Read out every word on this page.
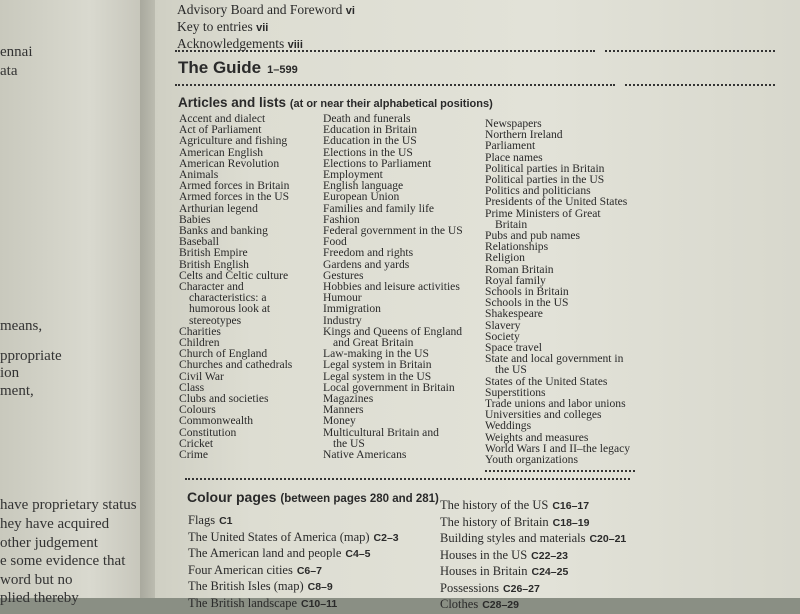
ennai
ata
means,
ppropriate
ion
ment,
have proprietary status
hey have acquired
other judgement
e some evidence that
word but no
plied thereby
Advisory Board and Foreword vi
Key to entries vii
Acknowledgements viii
The Guide 1–599
Articles and lists (at or near their alphabetical positions)
Accent and dialect
Act of Parliament
Agriculture and fishing
American English
American Revolution
Animals
Armed forces in Britain
Armed forces in the US
Arthurian legend
Babies
Banks and banking
Baseball
British Empire
British English
Celts and Celtic culture
Character and
characteristics: a
humorous look at
stereotypes
Charities
Children
Church of England
Churches and cathedrals
Civil War
Class
Clubs and societies
Colours
Commonwealth
Constitution
Cricket
Crime
Death and funerals
Education in Britain
Education in the US
Elections in the US
Elections to Parliament
Employment
English language
European Union
Families and family life
Fashion
Federal government in the US
Food
Freedom and rights
Gardens and yards
Gestures
Hobbies and leisure activities
Humour
Immigration
Industry
Kings and Queens of England
and Great Britain
Law-making in the US
Legal system in Britain
Legal system in the US
Local government in Britain
Magazines
Manners
Money
Multicultural Britain and
the US
Native Americans
Newspapers
Northern Ireland
Parliament
Place names
Political parties in Britain
Political parties in the US
Politics and politicians
Presidents of the United States
Prime Ministers of Great
Britain
Pubs and pub names
Relationships
Religion
Roman Britain
Royal family
Schools in Britain
Schools in the US
Shakespeare
Slavery
Society
Space travel
State and local government in
the US
States of the United States
Superstitions
Trade unions and labor unions
Universities and colleges
Weddings
Weights and measures
World Wars I and II–the legacy
Youth organizations
Colour pages (between pages 280 and 281)
Flags C1
The United States of America (map) C2–3
The American land and people C4–5
Four American cities C6–7
The British Isles (map) C8–9
The British landscape C10–11
The history of the US C16–17
The history of Britain C18–19
Building styles and materials C20–21
Houses in the US C22–23
Houses in Britain C24–25
Possessions C26–27
Clothes C28–29
